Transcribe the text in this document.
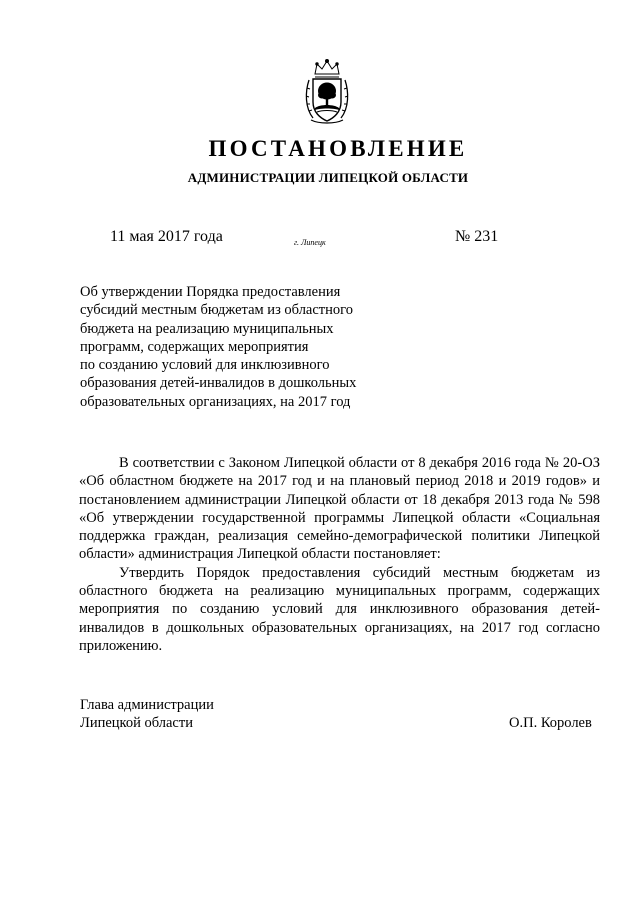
ПОСТАНОВЛЕНИЕ
АДМИНИСТРАЦИИ ЛИПЕЦКОЙ ОБЛАСТИ
11 мая 2017 года	г. Липецк	№ 231
Об утверждении Порядка предоставления
субсидий местным бюджетам из областного
бюджета на реализацию муниципальных
программ, содержащих мероприятия
по созданию условий для инклюзивного
образования детей-инвалидов в дошкольных
образовательных организациях, на 2017 год

В соответствии с Законом Липецкой области от 8 декабря 2016 года № 20-ОЗ «Об областном бюджете на 2017 год и на плановый период 2018 и 2019 годов» и постановлением администрации Липецкой области от 18 декабря 2013 года № 598 «Об утверждении государственной программы Липецкой области «Социальная поддержка граждан, реализация семейно-демографической политики Липецкой области» администрация Липецкой области постановляет:

Утвердить Порядок предоставления субсидий местным бюджетам из областного бюджета на реализацию муниципальных программ, содержащих мероприятия по созданию условий для инклюзивного образования детей-инвалидов в дошкольных образовательных организациях, на 2017 год согласно приложению.

Глава администрации
Липецкой области	О.П. Королев
